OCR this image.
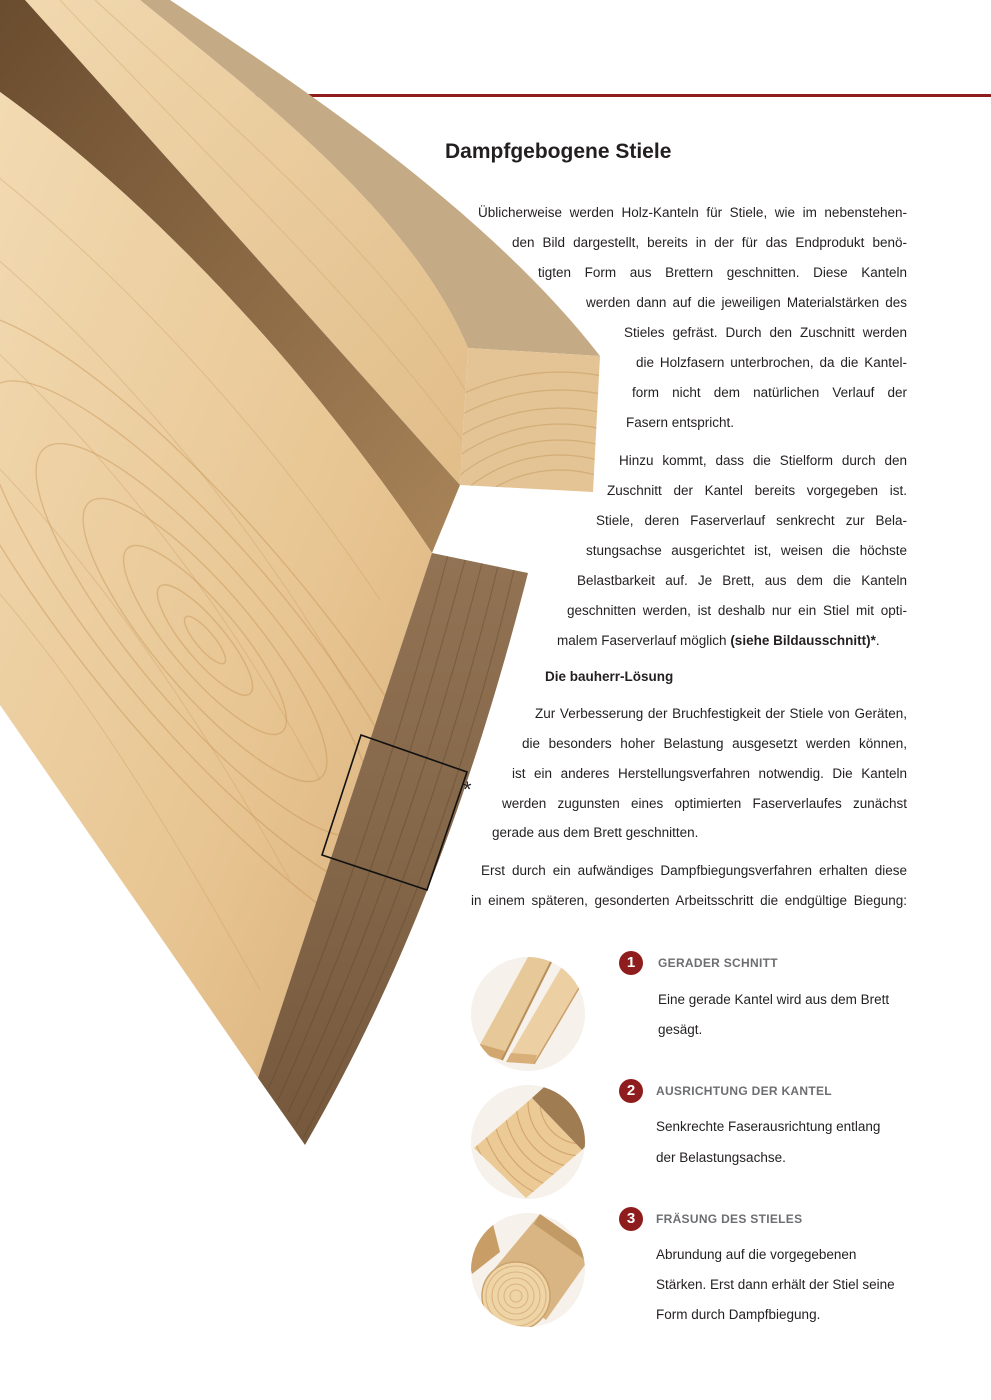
*
Dampfgebogene Stiele
Üblicherweise werden Holz-Kanteln für Stiele, wie im nebenstehen-
den Bild dargestellt, bereits in der für das Endprodukt benö-
tigten Form aus Brettern geschnitten. Diese Kanteln
werden dann auf die jeweiligen Materialstärken des
Stieles gefräst. Durch den Zuschnitt werden
die Holzfasern unterbrochen, da die Kantel-
form nicht dem natürlichen Verlauf der
Fasern entspricht.
Hinzu kommt, dass die Stielform durch den
Zuschnitt der Kantel bereits vorgegeben ist.
Stiele, deren Faserverlauf senkrecht zur Bela-
stungsachse ausgerichtet ist, weisen die höchste
Belastbarkeit auf. Je Brett, aus dem die Kanteln
geschnitten werden, ist deshalb nur ein Stiel mit opti-
malem Faserverlauf möglich (siehe Bildausschnitt)*.
Die bauherr-Lösung
Zur Verbesserung der Bruchfestigkeit der Stiele von Geräten,
die besonders hoher Belastung ausgesetzt werden können,
ist ein anderes Herstellungsverfahren notwendig. Die Kanteln
werden zugunsten eines optimierten Faserverlaufes zunächst
gerade aus dem Brett geschnitten.
Erst durch ein aufwändiges Dampfbiegungsverfahren erhalten diese
in einem späteren, gesonderten Arbeitsschritt die endgültige Biegung:
1	GERADER SCHNITT
Eine gerade Kantel wird aus dem Brett
gesägt.
2	AUSRICHTUNG DER KANTEL
Senkrechte Faserausrichtung entlang
der Belastungsachse.
3	FRÄSUNG DES STIELES
Abrundung auf die vorgegebenen
Stärken. Erst dann erhält der Stiel seine
Form durch Dampfbiegung.
